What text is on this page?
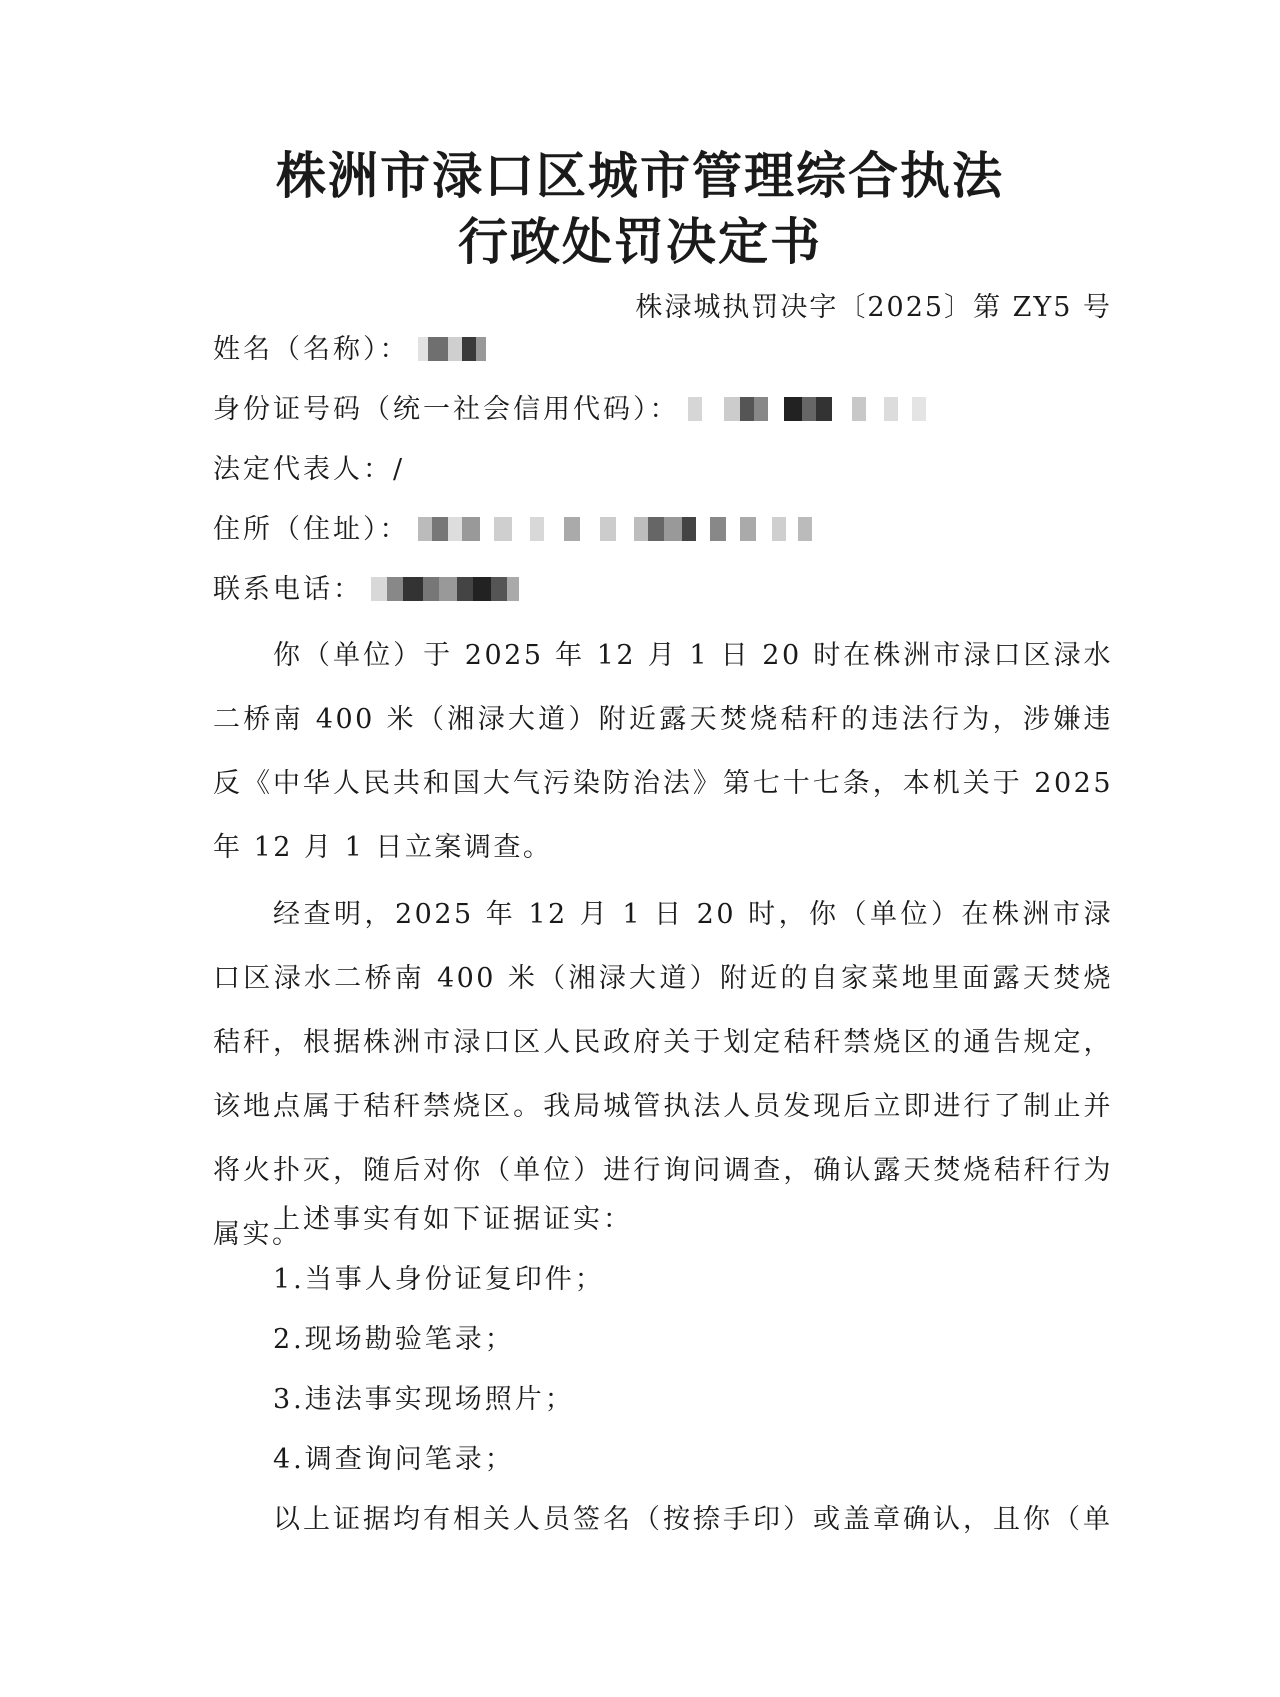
株洲市渌口区城市管理综合执法
行政处罚决定书
株渌城执罚决字〔2025〕第 ZY5 号
姓名（名称）：
身份证号码（统一社会信用代码）：
法定代表人：/
住所（住址）：
联系电话：

你（单位）于 2025 年 12 月 1 日 20 时在株洲市渌口区渌水二桥南 400 米（湘渌大道）附近露天焚烧秸秆的违法行为，涉嫌违反《中华人民共和国大气污染防治法》第七十七条，本机关于 2025 年 12 月 1 日立案调查。

经查明，2025 年 12 月 1 日 20 时，你（单位）在株洲市渌口区渌水二桥南 400 米（湘渌大道）附近的自家菜地里面露天焚烧秸秆，根据株洲市渌口区人民政府关于划定秸秆禁烧区的通告规定，该地点属于秸秆禁烧区。我局城管执法人员发现后立即进行了制止并将火扑灭，随后对你（单位）进行询问调查，确认露天焚烧秸秆行为属实。

上述事实有如下证据证实：
1.当事人身份证复印件；
2.现场勘验笔录；
3.违法事实现场照片；
4.调查询问笔录；
以上证据均有相关人员签名（按捺手印）或盖章确认，且你（单
